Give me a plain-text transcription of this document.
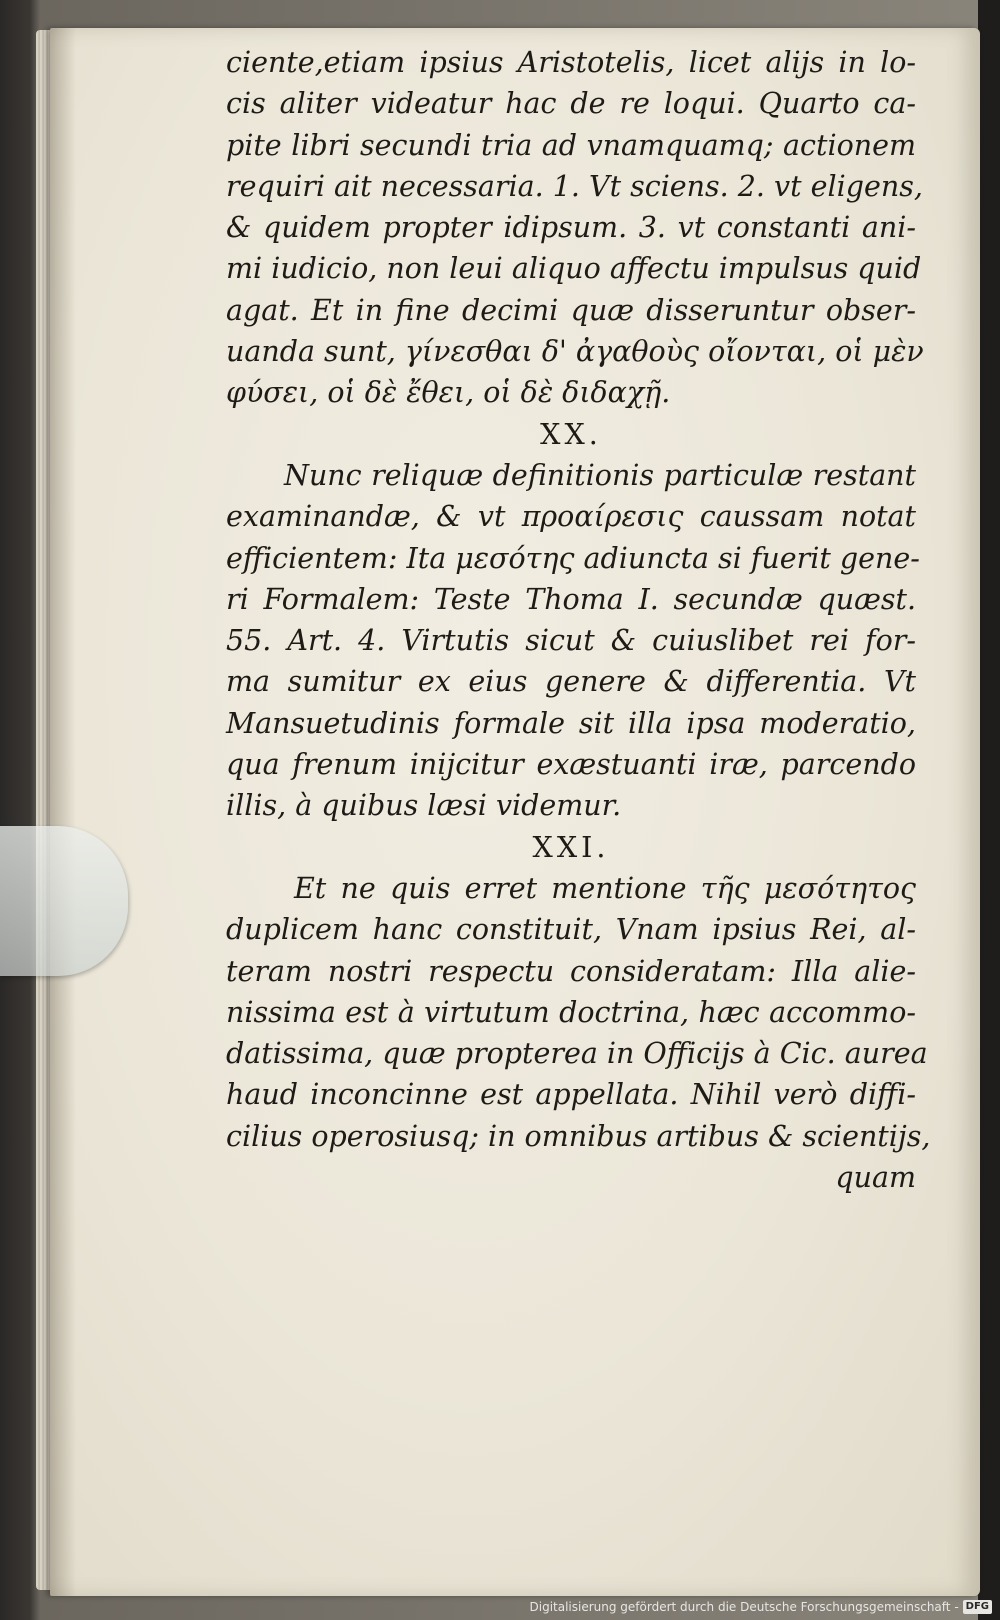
ciente,etiam ipsius Aristotelis, licet alijs in lo-
cis aliter videatur hac de re loqui. Quarto ca-
pite libri secundi tria ad vnamquamq; actionem
requiri ait necessaria. 1. Vt sciens. 2. vt eligens,
& quidem propter idipsum. 3. vt constanti ani-
mi iudicio, non leui aliquo affectu impulsus quid
agat. Et in fine decimi quæ disseruntur obser-
uanda sunt, γίνεσθαι δ' ἀγαθοὺς οἴονται, οἱ μὲν
φύσει, οἱ δὲ ἔθει, οἱ δὲ διδαχῇ.
XX.
Nunc reliquæ definitionis particulæ restant
examinandæ, & vt προαίρεσις caussam notat
efficientem: Ita μεσότης adiuncta si fuerit gene-
ri Formalem: Teste Thoma I. secundæ quæst.
55. Art. 4. Virtutis sicut & cuiuslibet rei for-
ma sumitur ex eius genere & differentia. Vt
Mansuetudinis formale sit illa ipsa moderatio,
qua frenum inijcitur exæstuanti iræ, parcendo
illis, à quibus læsi videmur.
XXI.
Et ne quis erret mentione τῆς μεσότητος
duplicem hanc constituit, Vnam ipsius Rei, al-
teram nostri respectu consideratam: Illa alie-
nissima est à virtutum doctrina, hæc accommo-
datissima, quæ propterea in Officijs à Cic. aurea
haud inconcinne est appellata. Nihil verò diffi-
cilius operosiusq; in omnibus artibus & scientijs,
quam
Digitalisierung gefördert durch die Deutsche Forschungsgemeinschaft - DFG
